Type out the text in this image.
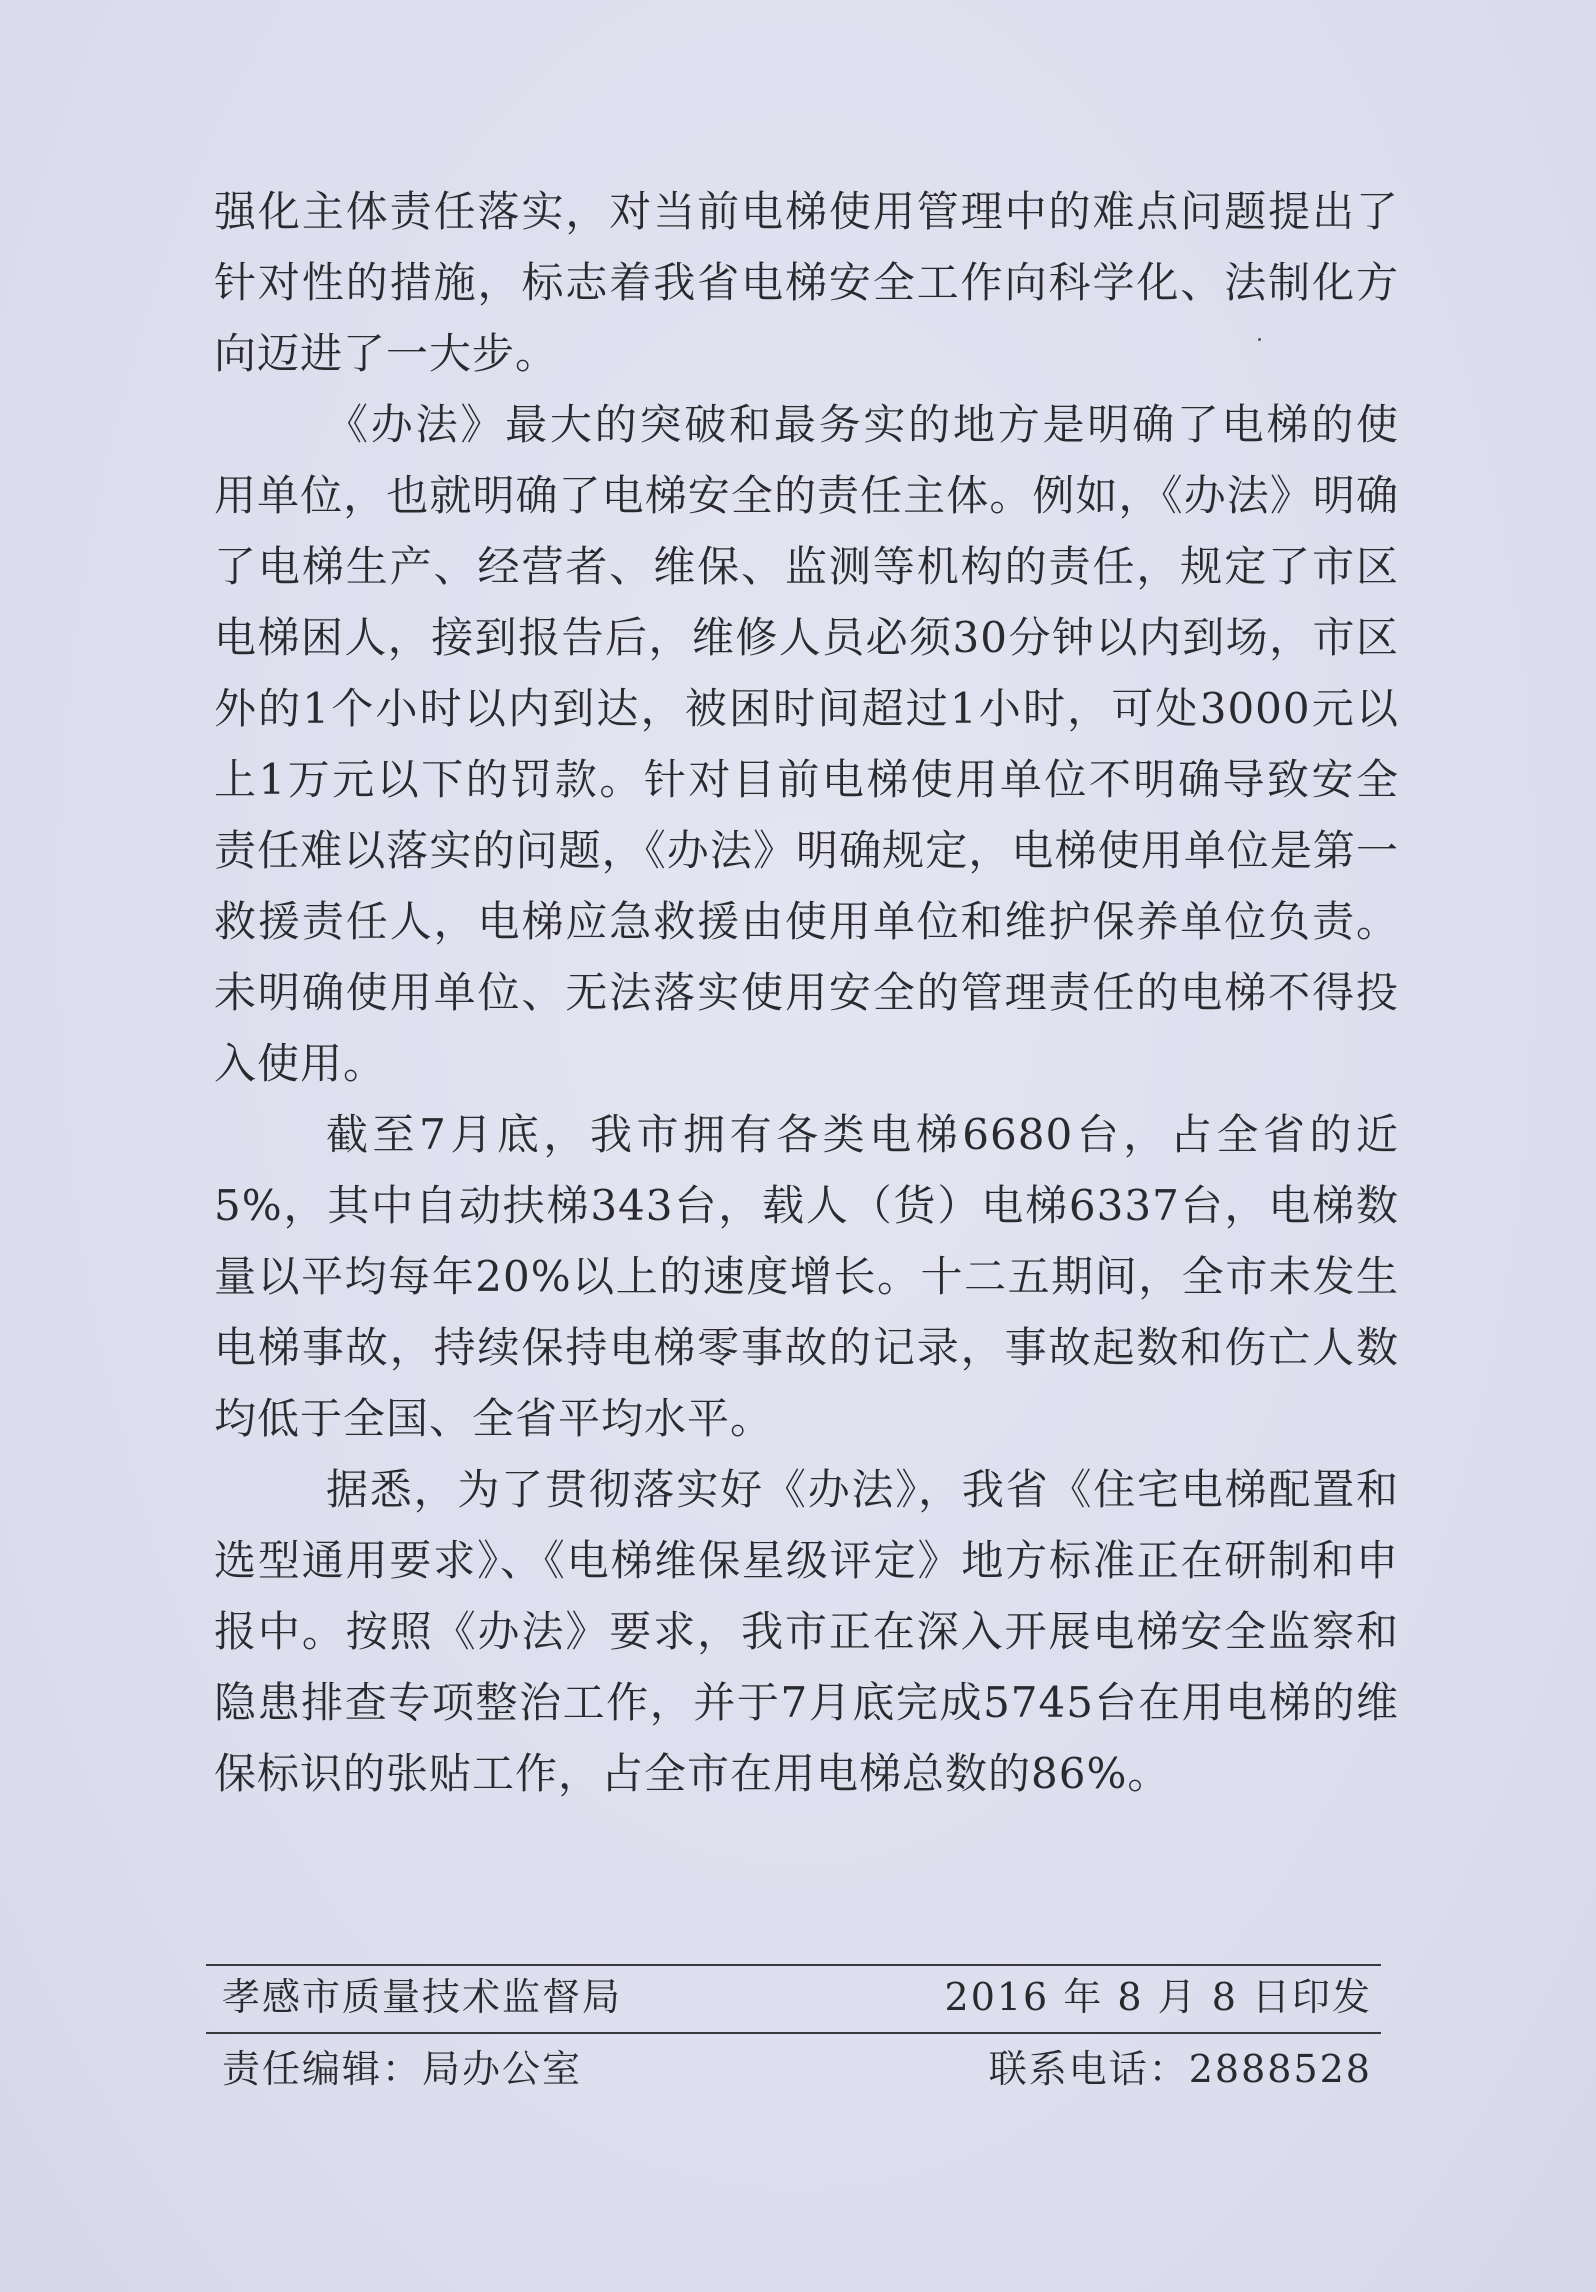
强化主体责任落实，对当前电梯使用管理中的难点问题提出了针对性的措施，标志着我省电梯安全工作向科学化、法制化方向迈进了一大步。

《办法》最大的突破和最务实的地方是明确了电梯的使用单位，也就明确了电梯安全的责任主体。例如，《办法》明确了电梯生产、经营者、维保、监测等机构的责任，规定了市区电梯困人，接到报告后，维修人员必须30分钟以内到场，市区外的1个小时以内到达，被困时间超过1小时，可处3000元以上1万元以下的罚款。针对目前电梯使用单位不明确导致安全责任难以落实的问题，《办法》明确规定，电梯使用单位是第一救援责任人，电梯应急救援由使用单位和维护保养单位负责。未明确使用单位、无法落实使用安全的管理责任的电梯不得投入使用。

截至7月底，我市拥有各类电梯6680台，占全省的近5%，其中自动扶梯343台，载人（货）电梯6337台，电梯数量以平均每年20%以上的速度增长。十二五期间，全市未发生电梯事故，持续保持电梯零事故的记录，事故起数和伤亡人数均低于全国、全省平均水平。

据悉，为了贯彻落实好《办法》，我省《住宅电梯配置和选型通用要求》、《电梯维保星级评定》地方标准正在研制和申报中。按照《办法》要求，我市正在深入开展电梯安全监察和隐患排查专项整治工作，并于7月底完成5745台在用电梯的维保标识的张贴工作，占全市在用电梯总数的86%。

孝感市质量技术监督局	2016 年 8 月 8 日印发
责任编辑：局办公室	联系电话：2888528
